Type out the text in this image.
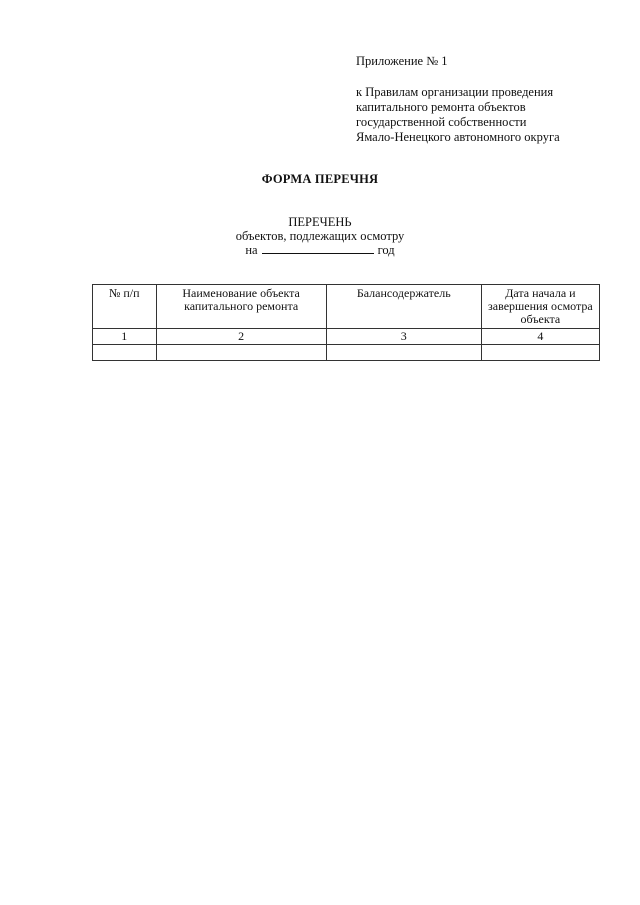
Приложение № 1
к Правилам организации проведения
капитального ремонта объектов
государственной собственности
Ямало-Ненецкого автономного округа
ФОРМА ПЕРЕЧНЯ
ПЕРЕЧЕНЬ
объектов, подлежащих осмотру
на	год
№ п/п	Наименование объекта капитального ремонта	Балансодержатель	Дата начала и завершения осмотра объекта
1	2	3	4
